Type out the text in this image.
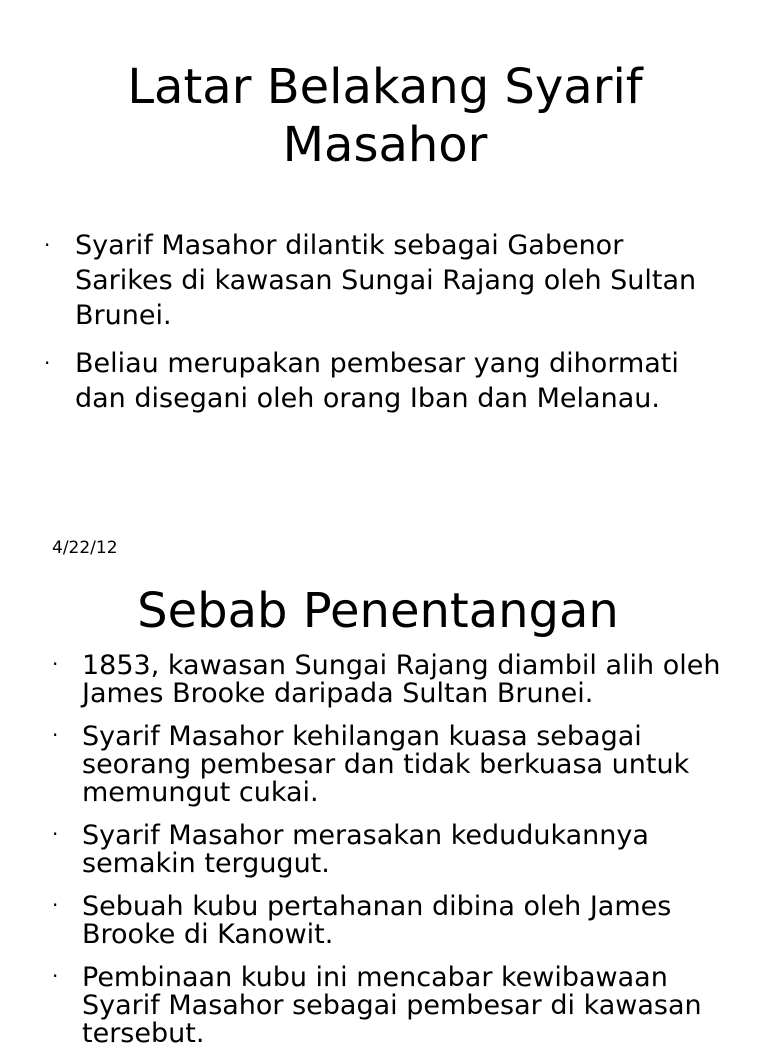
Latar Belakang Syarif Masahor
· Syarif Masahor dilantik sebagai Gabenor Sarikes di kawasan Sungai Rajang oleh Sultan Brunei.
· Beliau merupakan pembesar yang dihormati dan disegani oleh orang Iban dan Melanau.
4/22/12
Sebab Penentangan
· 1853, kawasan Sungai Rajang diambil alih oleh James Brooke daripada Sultan Brunei.
· Syarif Masahor kehilangan kuasa sebagai seorang pembesar dan tidak berkuasa untuk memungut cukai.
· Syarif Masahor merasakan kedudukannya semakin tergugut.
· Sebuah kubu pertahanan dibina oleh James Brooke di Kanowit.
· Pembinaan kubu ini mencabar kewibawaan Syarif Masahor sebagai pembesar di kawasan tersebut.
